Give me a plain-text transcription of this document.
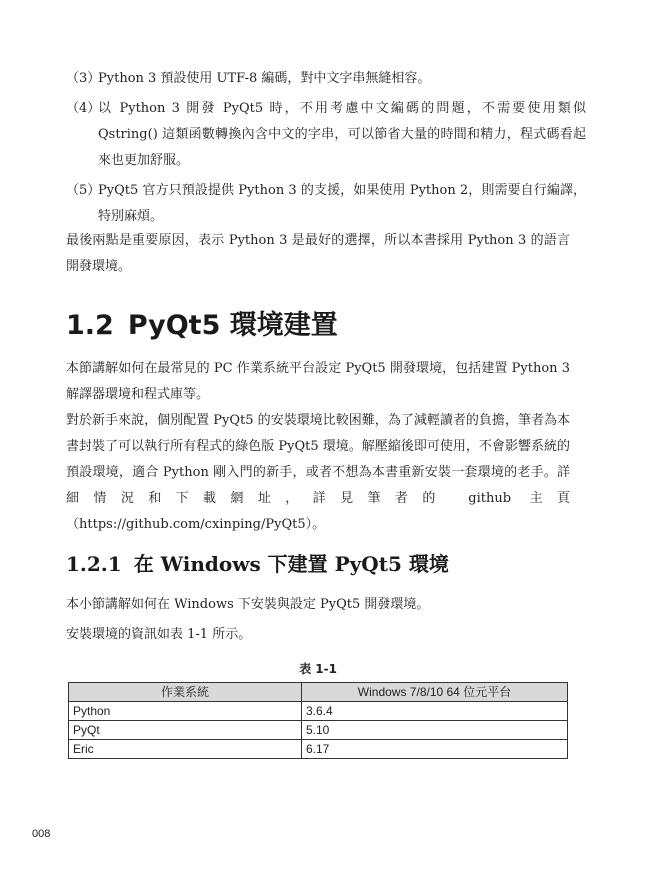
（3）
Python 3 預設使用 UTF-8 編碼，對中文字串無縫相容。
（4）
以 Python 3 開發 PyQt5 時，不用考慮中文編碼的問題，不需要使用類似 Qstring() 這類函數轉換內含中文的字串，可以節省大量的時間和精力，程式碼看起來也更加舒服。
（5）
PyQt5 官方只預設提供 Python 3 的支援，如果使用 Python 2，則需要自行編譯，特別麻煩。

最後兩點是重要原因，表示 Python 3 是最好的選擇，所以本書採用 Python 3 的語言開發環境。

1.2 PyQt5 環境建置

本節講解如何在最常見的 PC 作業系統平台設定 PyQt5 開發環境，包括建置 Python 3 解譯器環境和程式庫等。

對於新手來說，個別配置 PyQt5 的安裝環境比較困難，為了減輕讀者的負擔，筆者為本書封裝了可以執行所有程式的綠色版 PyQt5 環境。解壓縮後即可使用，不會影響系統的預設環境，適合 Python 剛入門的新手，或者不想為本書重新安裝一套環境的老手。詳細情況和下載網址，詳見筆者的 github 主頁（https://github.com/cxinping/PyQt5）。

1.2.1 在 Windows 下建置 PyQt5 環境

本小節講解如何在 Windows 下安裝與設定 PyQt5 開發環境。

安裝環境的資訊如表 1-1 所示。

表 1-1
作業系統	Windows 7/8/10 64 位元平台
Python	3.6.4
PyQt	5.10
Eric	6.17
008
